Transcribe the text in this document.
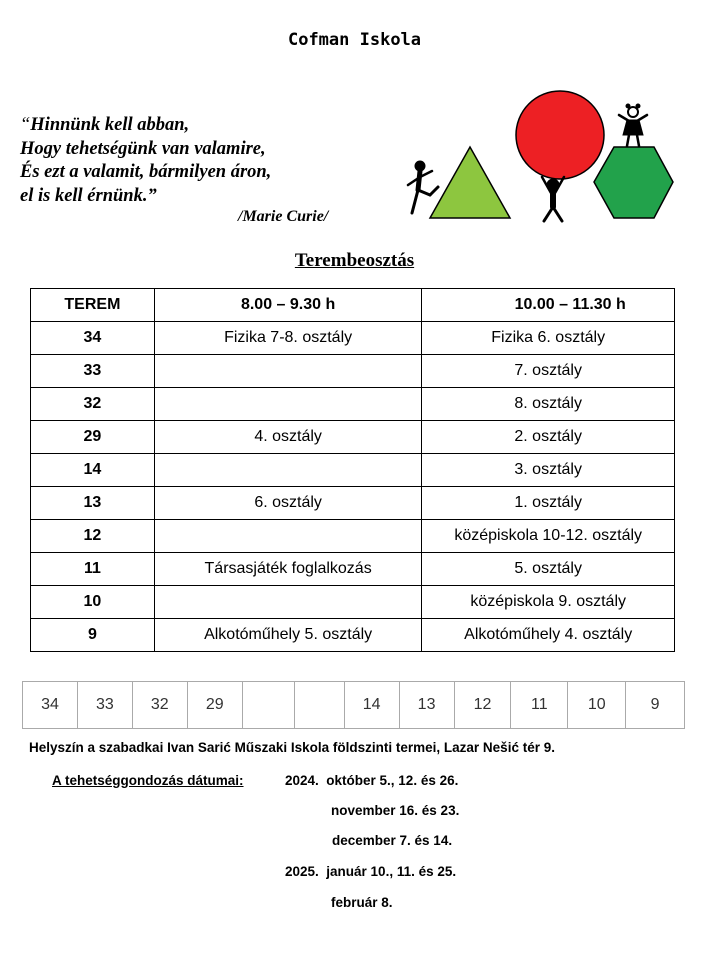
Cofman Iskola
“Hinnünk kell abban,
Hogy tehetségünk van valamire,
És ezt a valamit, bármilyen áron,
el is kell érnünk.”
/Marie Curie/
Terembeosztás
TEREM	8.00 – 9.30 h	10.00 – 11.30 h
34	Fizika 7-8. osztály	Fizika 6. osztály
33		7. osztály
32		8. osztály
29	4. osztály	2. osztály
14		3. osztály
13	6. osztály	1. osztály
12		középiskola 10-12. osztály
11	Társasjáték foglalkozás	5. osztály
10		középiskola 9. osztály
9	Alkotóműhely 5. osztály	Alkotóműhely 4. osztály
34	33	32	29	14	13	12	11	10	9
Helyszín a szabadkai Ivan Sarić Műszaki Iskola földszinti termei, Lazar Nešić tér 9.
A tehetséggondozás dátumai:	2024.  október 5., 12. és 26.
november 16. és 23.
december 7. és 14.
2025.  január 10., 11. és 25.
február 8.
